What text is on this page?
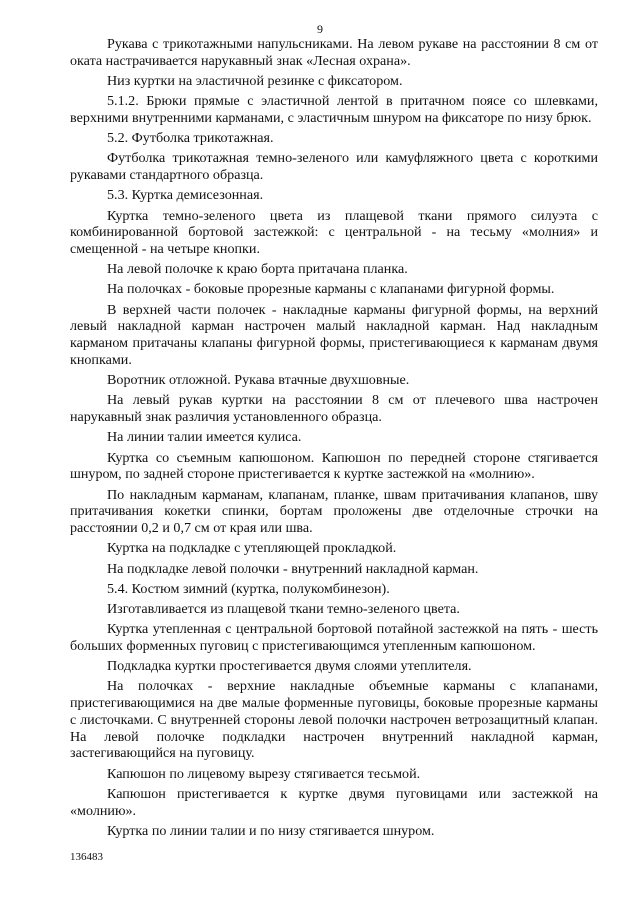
9

Рукава с трикотажными напульсниками. На левом рукаве на расстоянии 8 см от оката настрачивается нарукавный знак «Лесная охрана».

Низ куртки на эластичной резинке с фиксатором.

5.1.2. Брюки прямые с эластичной лентой в притачном поясе со шлевками, верхними внутренними карманами, с эластичным шнуром на фиксаторе по низу брюк.

5.2. Футболка трикотажная.

Футболка трикотажная темно-зеленого или камуфляжного цвета с короткими рукавами стандартного образца.

5.3. Куртка демисезонная.

Куртка темно-зеленого цвета из плащевой ткани прямого силуэта с комбинированной бортовой застежкой: с центральной - на тесьму «молния» и смещенной - на четыре кнопки.

На левой полочке к краю борта притачана планка.

На полочках - боковые прорезные карманы с клапанами фигурной формы.

В верхней части полочек - накладные карманы фигурной формы, на верхний левый накладной карман настрочен малый накладной карман. Над накладным карманом притачаны клапаны фигурной формы, пристегивающиеся к карманам двумя кнопками.

Воротник отложной. Рукава втачные двухшовные.

На левый рукав куртки на расстоянии 8 см от плечевого шва настрочен нарукавный знак различия установленного образца.

На линии талии имеется кулиса.

Куртка со съемным капюшоном. Капюшон по передней стороне стягивается шнуром, по задней стороне пристегивается к куртке застежкой на «молнию».

По накладным карманам, клапанам, планке, швам притачивания клапанов, шву притачивания кокетки спинки, бортам проложены две отделочные строчки на расстоянии 0,2 и 0,7 см от края или шва.

Куртка на подкладке с утепляющей прокладкой.

На подкладке левой полочки - внутренний накладной карман.

5.4. Костюм зимний (куртка, полукомбинезон).

Изготавливается из плащевой ткани темно-зеленого цвета.

Куртка утепленная с центральной бортовой потайной застежкой на пять - шесть больших форменных пуговиц с пристегивающимся утепленным капюшоном.

Подкладка куртки простегивается двумя слоями утеплителя.

На полочках - верхние накладные объемные карманы с клапанами, пристегивающимися на две малые форменные пуговицы, боковые прорезные карманы с листочками. С внутренней стороны левой полочки настрочен ветрозащитный клапан. На левой полочке подкладки настрочен внутренний накладной карман, застегивающийся на пуговицу.

Капюшон по лицевому вырезу стягивается тесьмой.

Капюшон пристегивается к куртке двумя пуговицами или застежкой на «молнию».

Куртка по линии талии и по низу стягивается шнуром.

136483
